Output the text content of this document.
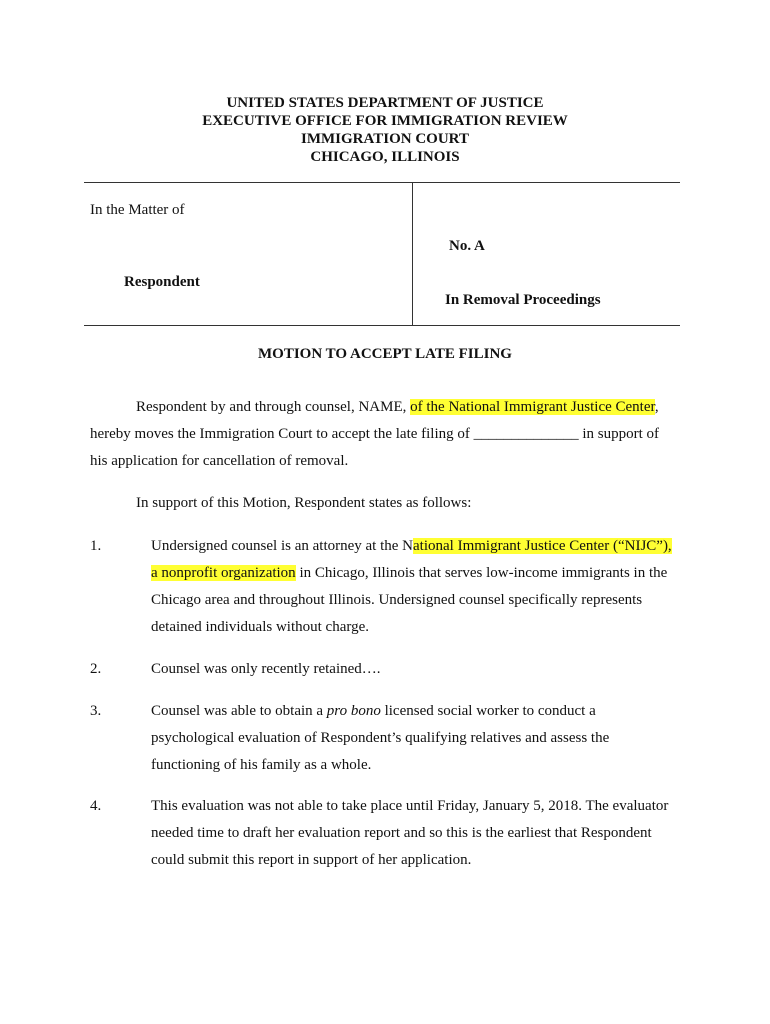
UNITED STATES DEPARTMENT OF JUSTICE
EXECUTIVE OFFICE FOR IMMIGRATION REVIEW
IMMIGRATION COURT
CHICAGO, ILLINOIS
In the Matter of
Respondent
No. A
In Removal Proceedings
MOTION TO ACCEPT LATE FILING
Respondent by and through counsel, NAME, of the National Immigrant Justice Center,
hereby moves the Immigration Court to accept the late filing of ______________ in support of
his application for cancellation of removal.
In support of this Motion, Respondent states as follows:
1.	Undersigned counsel is an attorney at the National Immigrant Justice Center (“NIJC”),
a nonprofit organization in Chicago, Illinois that serves low-income immigrants in the
Chicago area and throughout Illinois. Undersigned counsel specifically represents
detained individuals without charge.
2.	Counsel was only recently retained….
3.	Counsel was able to obtain a pro bono licensed social worker to conduct a
psychological evaluation of Respondent’s qualifying relatives and assess the
functioning of his family as a whole.
4.	This evaluation was not able to take place until Friday, January 5, 2018. The evaluator
needed time to draft her evaluation report and so this is the earliest that Respondent
could submit this report in support of her application.
